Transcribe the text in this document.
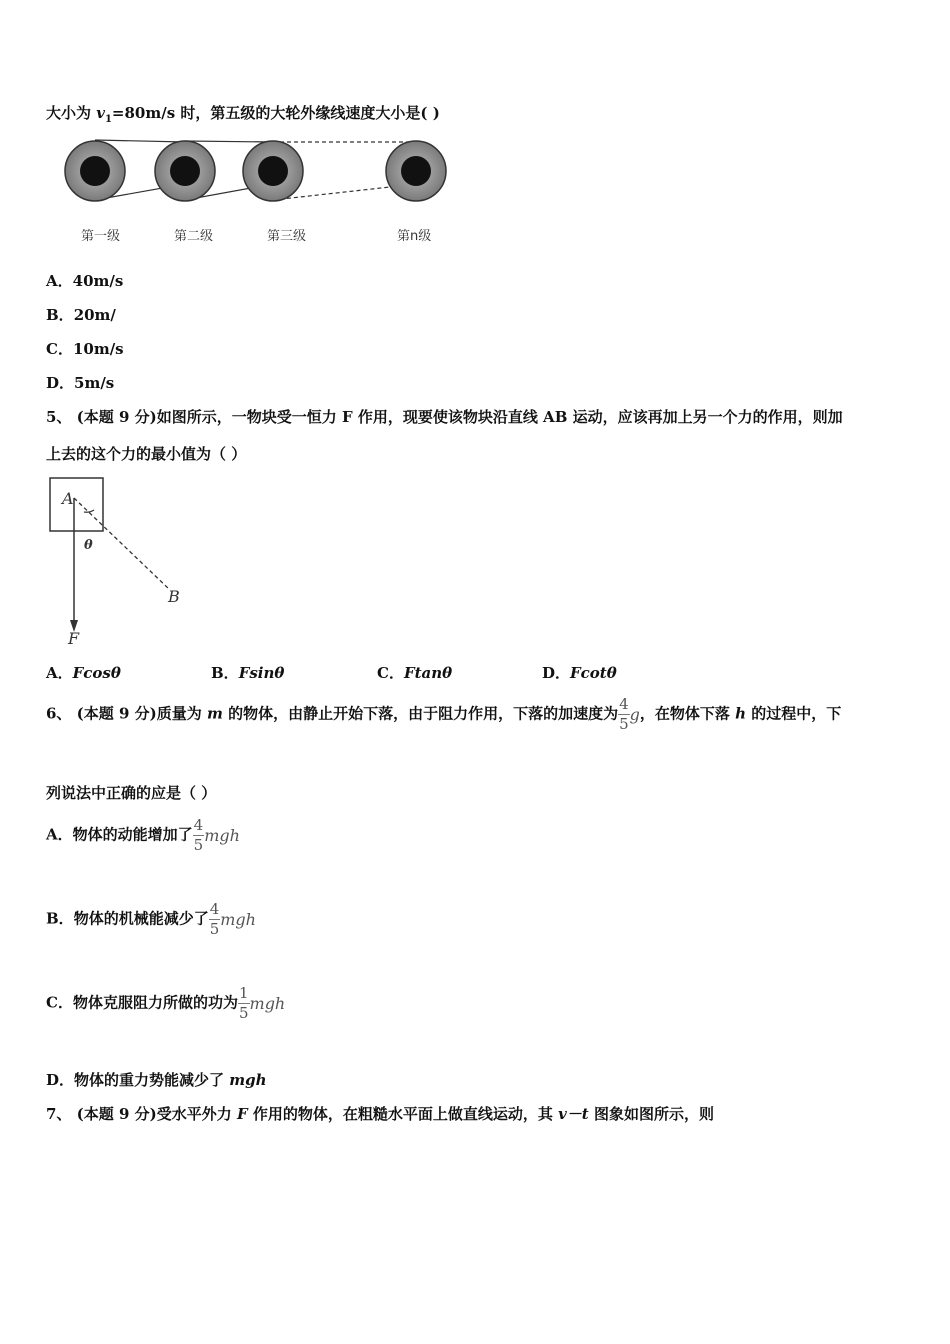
大小为 $v_1=80m/s$ 时，第五级的大轮外缘线速度大小是( )
第一级	第二级	第三级	第n级
A．40m/s
B．20m/
C．10m/s
D．5m/s
5、 (本题 9 分)如图所示，一物块受一恒力 F 作用，现要使该物块沿直线 AB 运动，应该再加上另一个力的作用，则加
上去的这个力的最小值为（ ）
A
θ
B
F
A．Fcosθ	B．Fsinθ	C．Ftanθ	D．Fcotθ
6、 (本题 9 分)质量为 m 的物体，由静止开始下落，由于阻力作用，下落的加速度为 $\frac{4}{5}$ g，在物体下落 h 的过程中，下
列说法中正确的应是（ ）
A．物体的动能增加了 $\frac{4}{5}$ mgh
B．物体的机械能减少了 $\frac{4}{5}$ mgh
C．物体克服阻力所做的功为 $\frac{1}{5}$ mgh
D．物体的重力势能减少了 mgh
7、 (本题 9 分)受水平外力 F 作用的物体，在粗糙水平面上做直线运动，其 v－t 图象如图所示，则
